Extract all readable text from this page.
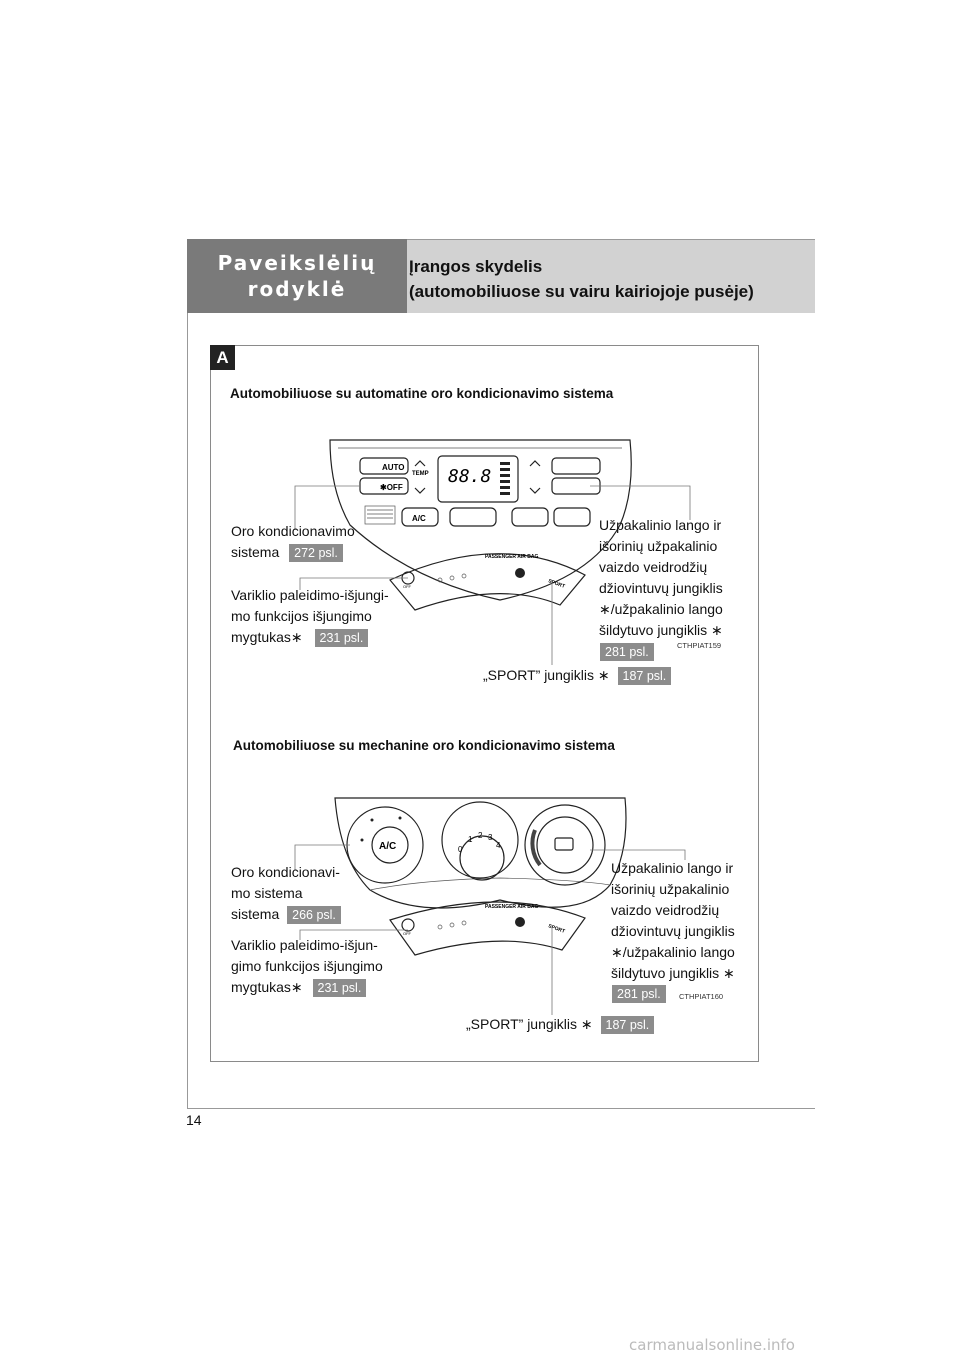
Paveikslėlių
rodyklė
Įrangos skydelis
(automobiliuose su vairu kairiojoje pusėje)
14
A
Automobiliuose su automatine oro kondicionavimo sistema
AUTO
✱OFF
TEMP 88.8
A/C
PASSENGER AIR BAG
SPORT
OFF
Oro kondicionavimo
sistema 272 psl.
Variklio paleidimo-išjungi-
mo funkcijos išjungimo
mygtukas∗ 231 psl.
Užpakalinio lango ir
išorinių užpakalinio
vaizdo veidrodžių
džiovintuvų jungiklis
∗/užpakalinio lango
šildytuvo jungiklis ∗
281 psl.	CTHPIAT159
„SPORT” jungiklis ∗ 187 psl.
Automobiliuose su mechanine oro kondicionavimo sistema
A/C	0
1 2 3
4
PASSENGER AIR BAG
SPORT
OFF
Oro kondicionavi-
mo sistema
sistema 266 psl.
Variklio paleidimo-išjun-
gimo funkcijos išjungimo
mygtukas∗ 231 psl.
Užpakalinio lango ir
išorinių užpakalinio
vaizdo veidrodžių
džiovintuvų jungiklis
∗/užpakalinio lango
šildytuvo jungiklis ∗
281 psl.	CTHPIAT160
„SPORT” jungiklis ∗ 187 psl.
carmanualsonline.info
